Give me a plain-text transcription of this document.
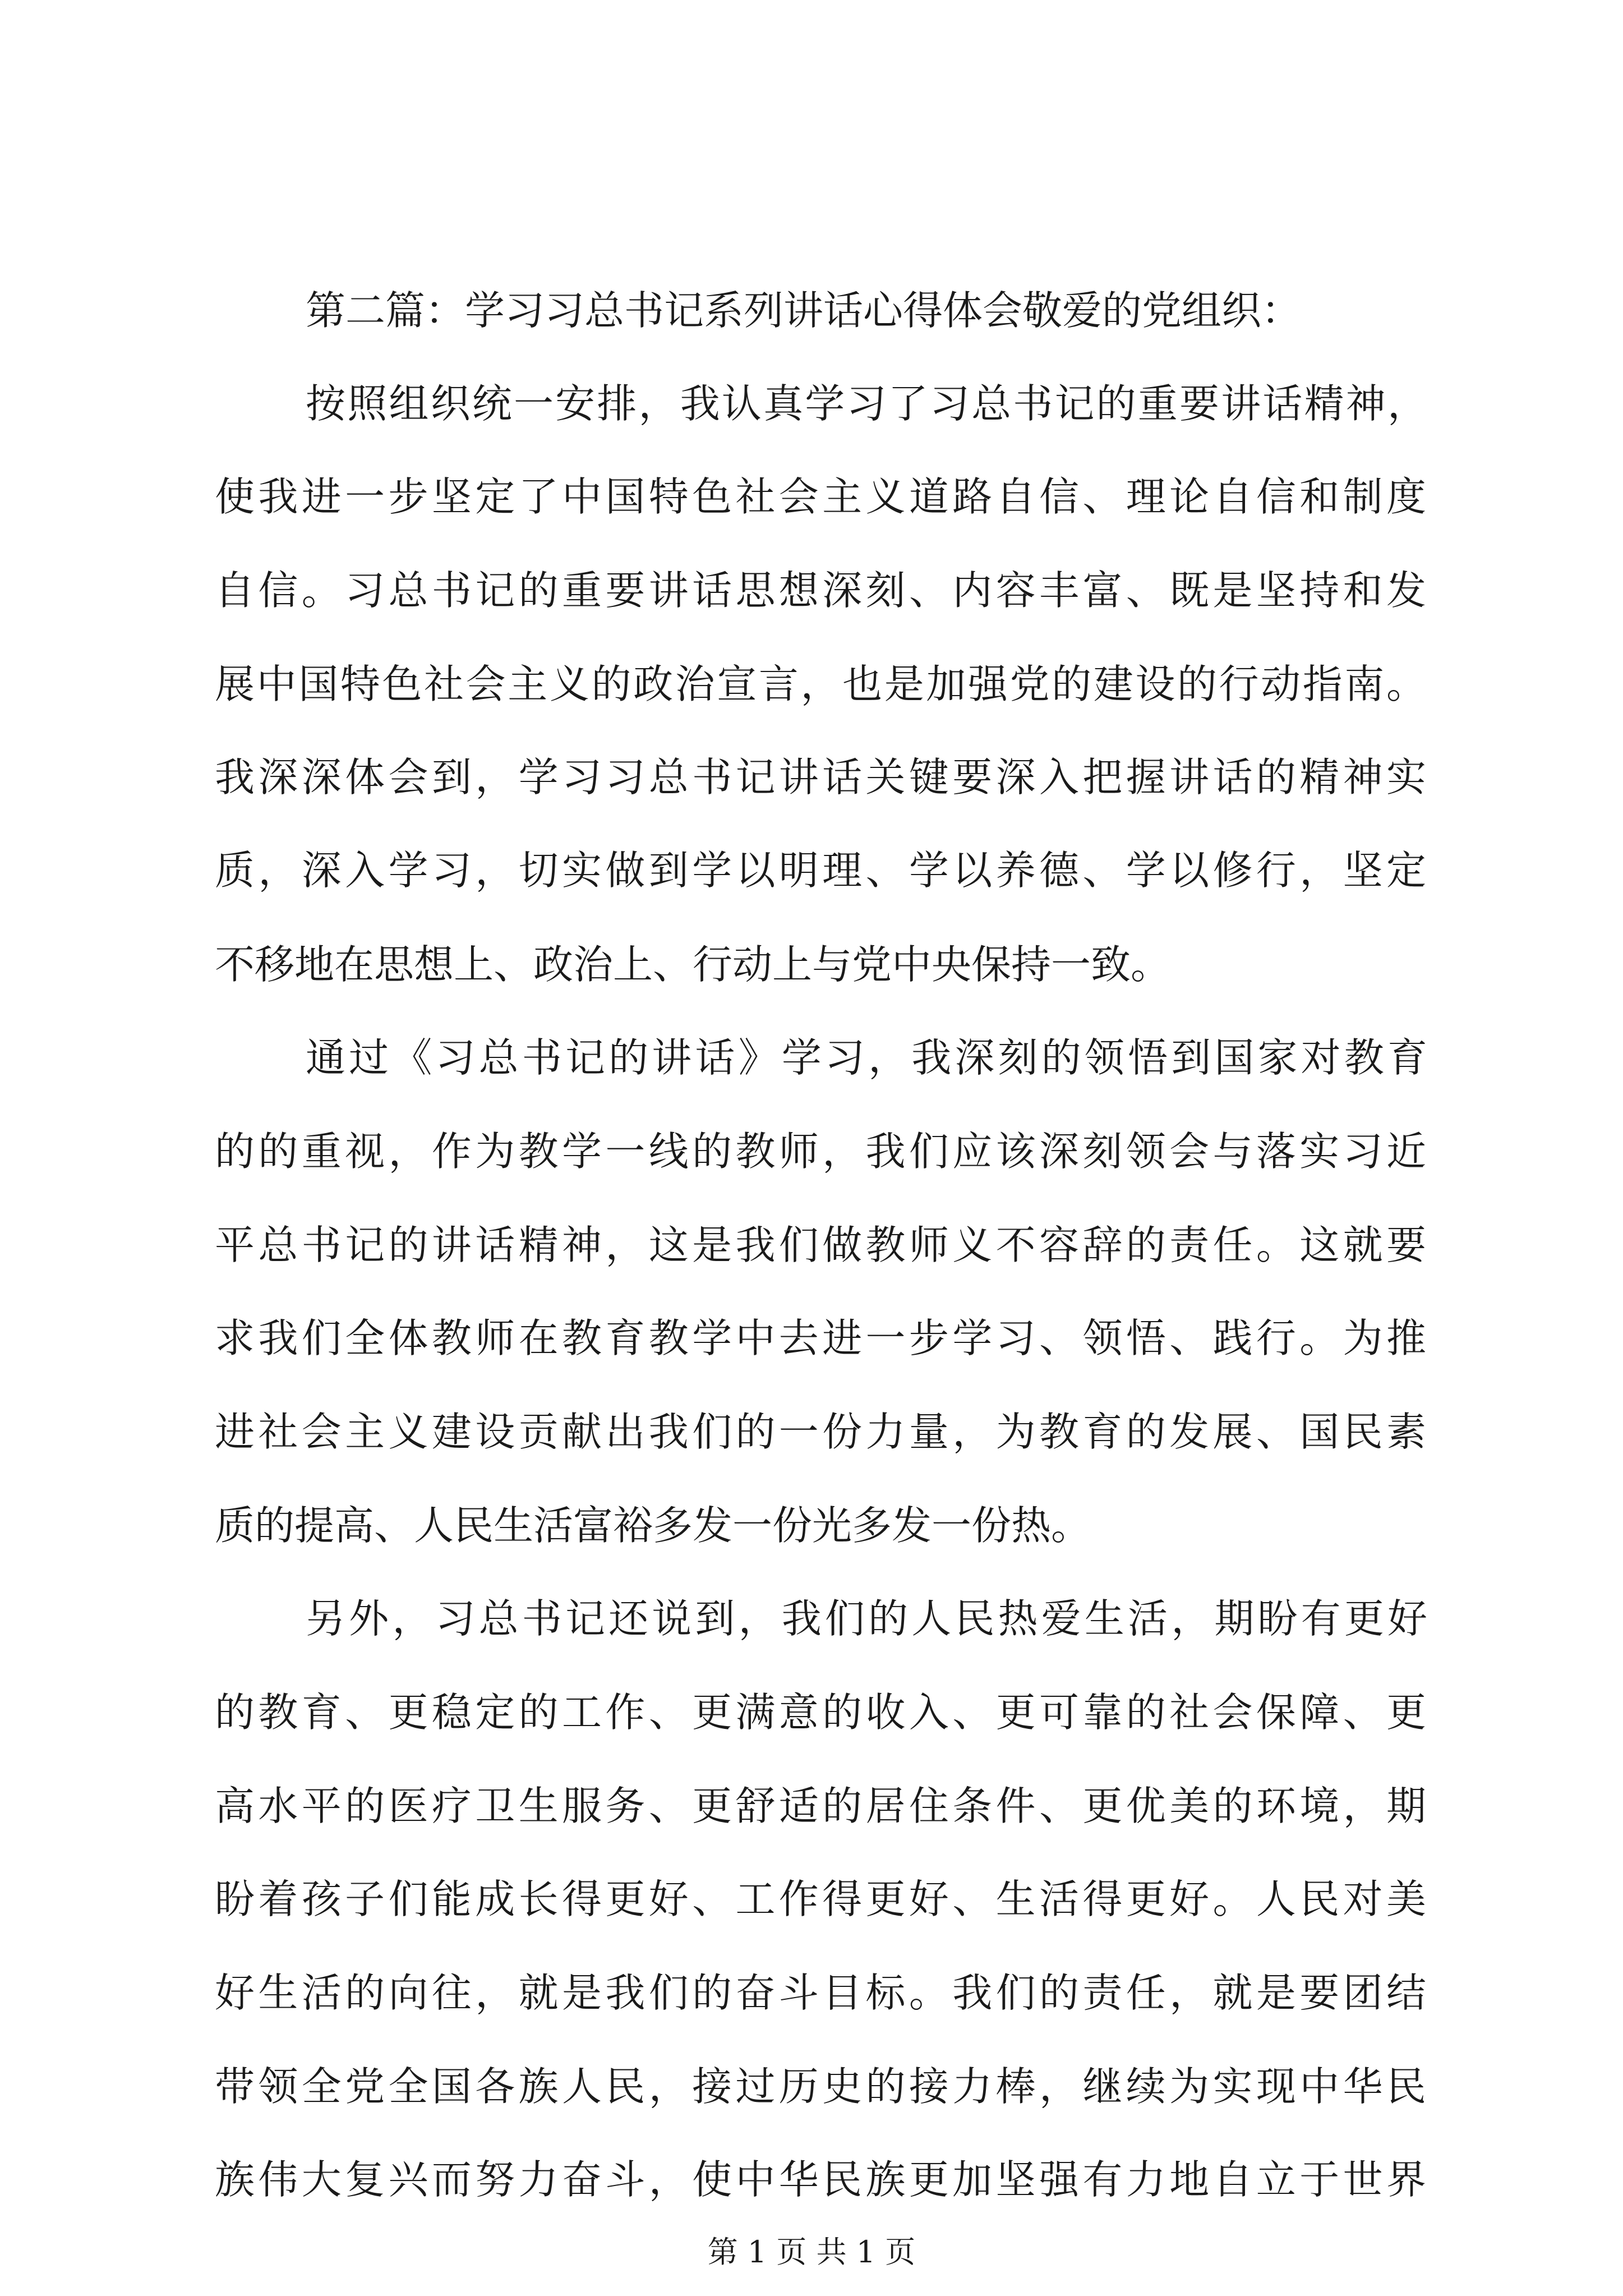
第二篇：学习习总书记系列讲话心得体会敬爱的党组织：
按照组织统一安排，我认真学习了习总书记的重要讲话精神，
使我进一步坚定了中国特色社会主义道路自信、理论自信和制度
自信。习总书记的重要讲话思想深刻、内容丰富、既是坚持和发
展中国特色社会主义的政治宣言，也是加强党的建设的行动指南。
我深深体会到，学习习总书记讲话关键要深入把握讲话的精神实
质，深入学习，切实做到学以明理、学以养德、学以修行，坚定
不移地在思想上、政治上、行动上与党中央保持一致。
通过《习总书记的讲话》学习，我深刻的领悟到国家对教育
的的重视，作为教学一线的教师，我们应该深刻领会与落实习近
平总书记的讲话精神，这是我们做教师义不容辞的责任。这就要
求我们全体教师在教育教学中去进一步学习、领悟、践行。为推
进社会主义建设贡献出我们的一份力量，为教育的发展、国民素
质的提高、人民生活富裕多发一份光多发一份热。
另外，习总书记还说到，我们的人民热爱生活，期盼有更好
的教育、更稳定的工作、更满意的收入、更可靠的社会保障、更
高水平的医疗卫生服务、更舒适的居住条件、更优美的环境，期
盼着孩子们能成长得更好、工作得更好、生活得更好。人民对美
好生活的向往，就是我们的奋斗目标。我们的责任，就是要团结
带领全党全国各族人民，接过历史的接力棒，继续为实现中华民
族伟大复兴而努力奋斗，使中华民族更加坚强有力地自立于世界
第 1 页 共 1 页
